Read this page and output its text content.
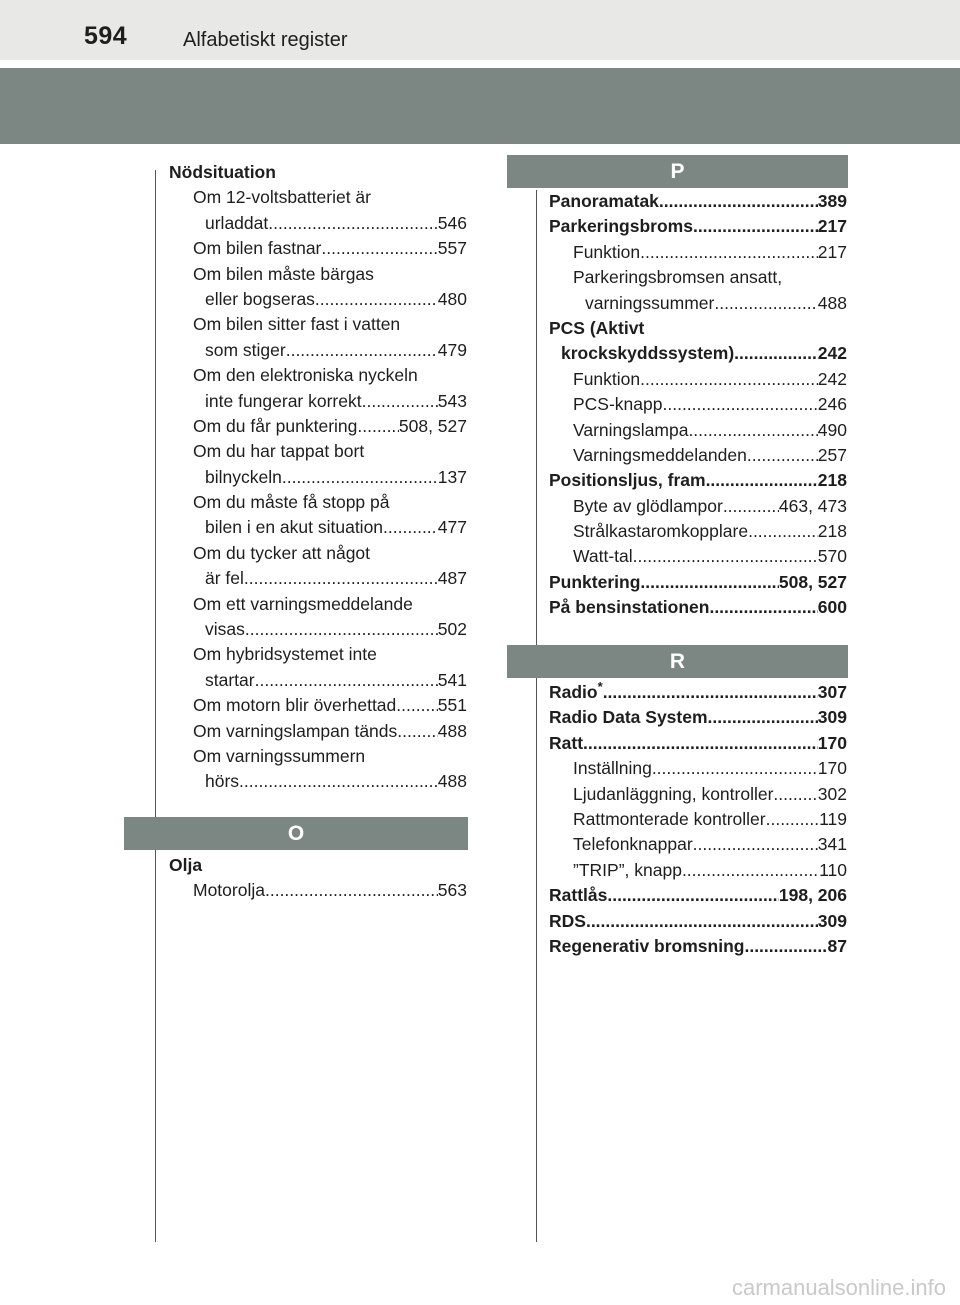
594	Alfabetiskt register
Nödsituation
Om 12-voltsbatteriet är
urladdat .....	546
Om bilen fastnar .....	557
Om bilen måste bärgas
eller bogseras .....	480
Om bilen sitter fast i vatten
som stiger .....	479
Om den elektroniska nyckeln
inte fungerar korrekt .....	543
Om du får punktering ..... 508, 527
Om du har tappat bort
bilnyckeln .....	137
Om du måste få stopp på
bilen i en akut situation .....	477
Om du tycker att något
är fel .....	487
Om ett varningsmeddelande
visas .....	502
Om hybridsystemet inte
startar .....	541
Om motorn blir överhettad ..... 551
Om varningslampan tänds ..... 488
Om varningssummern
hörs .....	488
O
Olja
Motorolja .....	563
P
Panoramatak .....	389
Parkeringsbroms .....	217
Funktion .....	217
Parkeringsbromsen ansatt,
varningssummer .....	488
PCS (Aktivt
krockskyddssystem) .....	242
Funktion .....	242
PCS-knapp .....	246
Varningslampa .....	490
Varningsmeddelanden .....	257
Positionsljus, fram .....	218
Byte av glödlampor .....	463, 473
Strålkastaromkopplare .....	218
Watt-tal .....	570
Punktering .....	508, 527
På bensinstationen .....	600
R
Radio* .....	307
Radio Data System .....	309
Ratt .....	170
Inställning .....	170
Ljudanläggning, kontroller .....	302
Rattmonterade kontroller .....	119
Telefonknappar .....	341
”TRIP”, knapp .....	110
Rattlås .....	198, 206
RDS .....	309
Regenerativ bromsning .....	87
carmanualsonline.info
